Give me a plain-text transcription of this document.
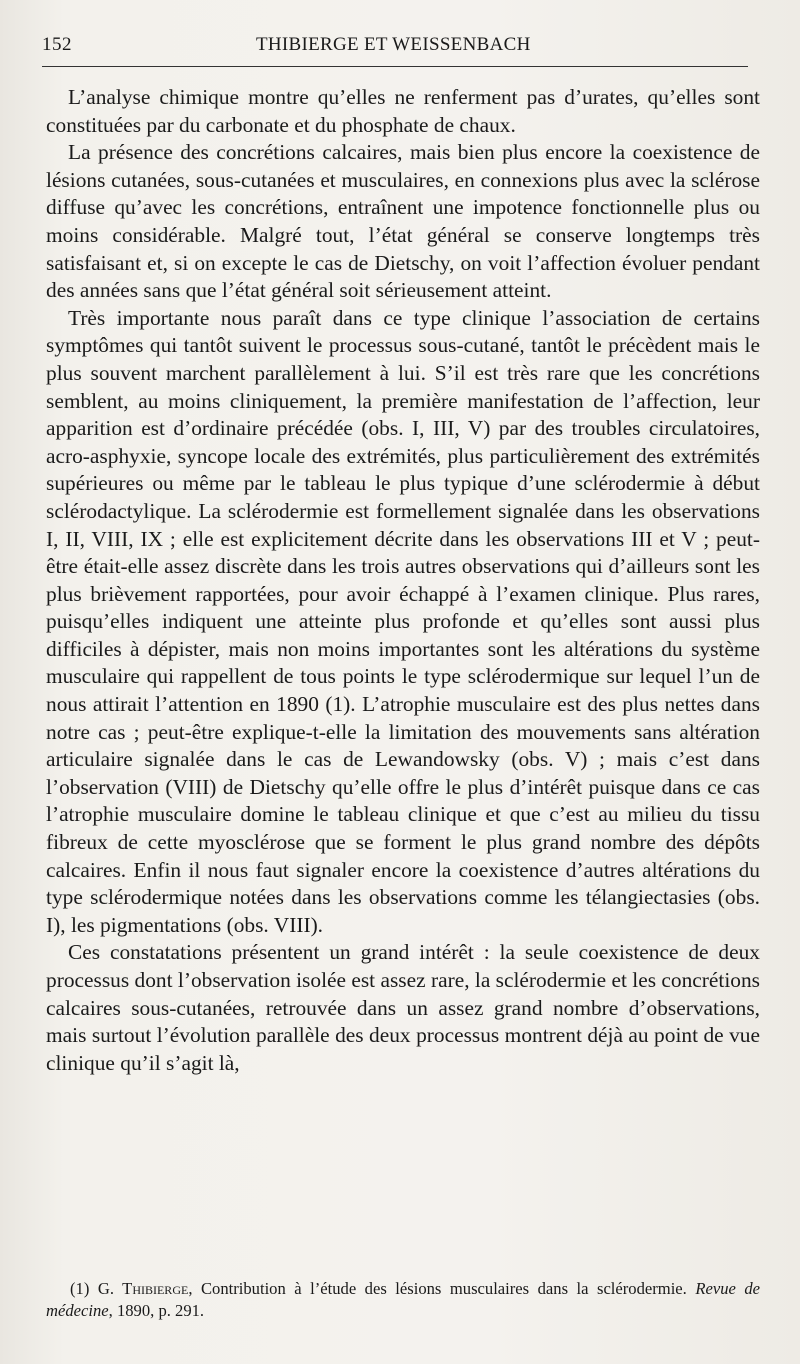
152	THIBIERGE ET WEISSENBACH

L’analyse chimique montre qu’elles ne renferment pas d’urates, qu’elles sont constituées par du carbonate et du phosphate de chaux.

La présence des concrétions calcaires, mais bien plus encore la coexistence de lésions cutanées, sous-cutanées et musculaires, en connexions plus avec la sclérose diffuse qu’avec les concrétions, entraînent une impotence fonctionnelle plus ou moins considérable. Malgré tout, l’état général se conserve longtemps très satisfaisant et, si on excepte le cas de Dietschy, on voit l’affection évoluer pendant des années sans que l’état général soit sérieusement atteint.

Très importante nous paraît dans ce type clinique l’association de certains symptômes qui tantôt suivent le processus sous-cutané, tantôt le précèdent mais le plus souvent marchent parallèlement à lui. S’il est très rare que les concrétions semblent, au moins cliniquement, la première manifestation de l’affection, leur apparition est d’ordinaire précédée (obs. I, III, V) par des troubles circulatoires, acro-asphyxie, syncope locale des extrémités, plus particulièrement des extrémités supérieures ou même par le tableau le plus typique d’une sclérodermie à début sclérodactylique. La sclérodermie est formellement signalée dans les observations I, II, VIII, IX ; elle est explicitement décrite dans les observations III et V ; peut-être était-elle assez discrète dans les trois autres observations qui d’ailleurs sont les plus brièvement rapportées, pour avoir échappé à l’examen clinique. Plus rares, puisqu’elles indiquent une atteinte plus profonde et qu’elles sont aussi plus difficiles à dépister, mais non moins importantes sont les altérations du système musculaire qui rappellent de tous points le type sclérodermique sur lequel l’un de nous attirait l’attention en 1890 (1). L’atrophie musculaire est des plus nettes dans notre cas ; peut-être explique-t-elle la limitation des mouvements sans altération articulaire signalée dans le cas de Lewandowsky (obs. V) ; mais c’est dans l’observation (VIII) de Dietschy qu’elle offre le plus d’intérêt puisque dans ce cas l’atrophie musculaire domine le tableau clinique et que c’est au milieu du tissu fibreux de cette myosclérose que se forment le plus grand nombre des dépôts calcaires. Enfin il nous faut signaler encore la coexistence d’autres altérations du type sclérodermique notées dans les observations comme les télangiectasies (obs. I), les pigmentations (obs. VIII).

Ces constatations présentent un grand intérêt : la seule coexistence de deux processus dont l’observation isolée est assez rare, la sclérodermie et les concrétions calcaires sous-cutanées, retrouvée dans un assez grand nombre d’observations, mais surtout l’évolution parallèle des deux processus montrent déjà au point de vue clinique qu’il s’agit là,

(1) G. Thibierge, Contribution à l’étude des lésions musculaires dans la sclérodermie. Revue de médecine, 1890, p. 291.
